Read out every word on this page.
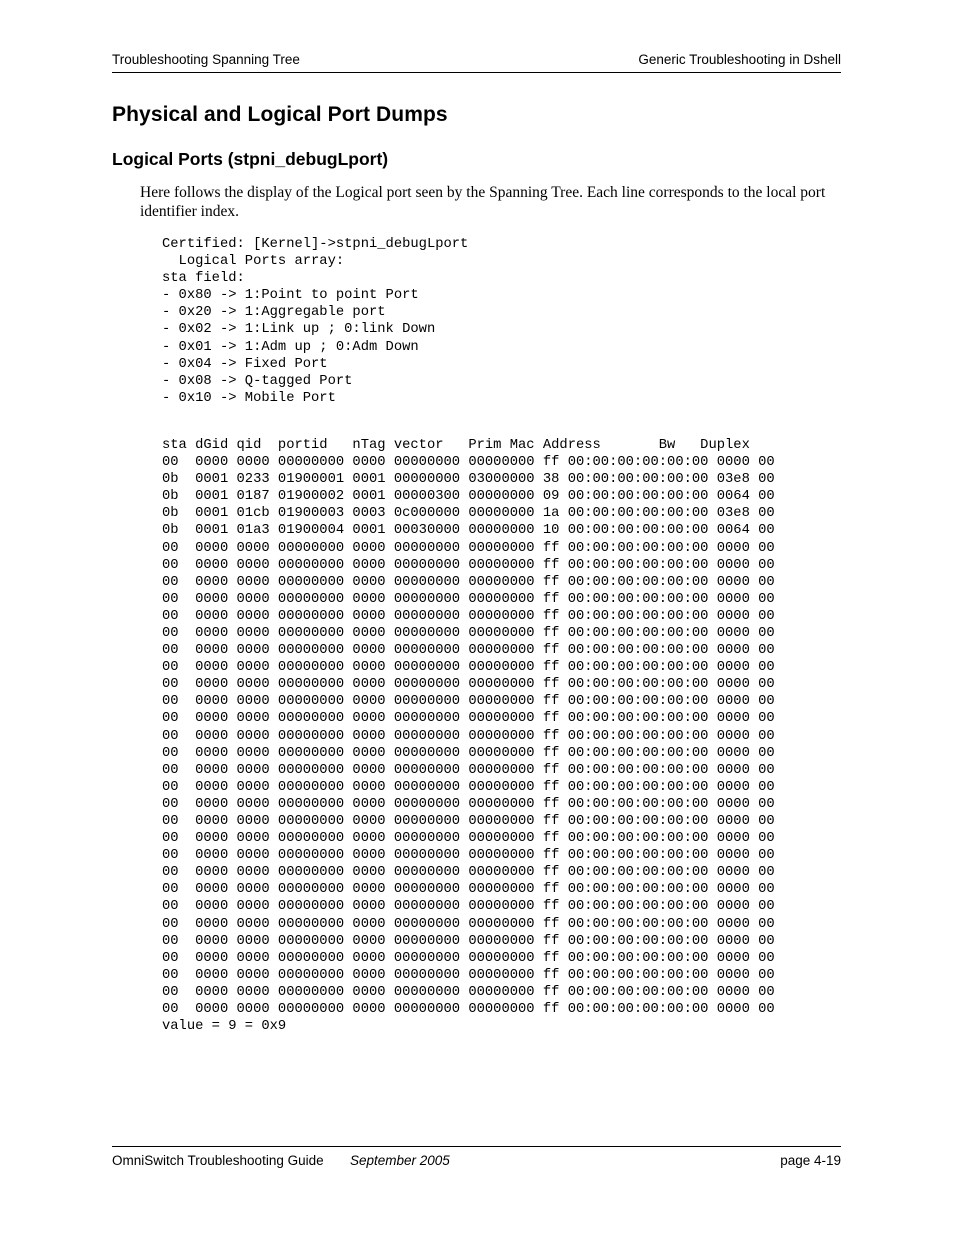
Troubleshooting Spanning Tree	Generic Troubleshooting in Dshell
Physical and Logical Port Dumps
Logical Ports (stpni_debugLport)

Here follows the display of the Logical port seen by the Spanning Tree. Each line corresponds to the local port identifier index.

Certified: [Kernel]->stpni_debugLport
Logical Ports array:
sta field:
- 0x80 -> 1:Point to point Port
- 0x20 -> 1:Aggregable port
- 0x02 -> 1:Link up ; 0:link Down
- 0x01 -> 1:Adm up ; 0:Adm Down
- 0x04 -> Fixed Port
- 0x08 -> Q-tagged Port
- 0x10 -> Mobile Port
sta dGid qid  portid   nTag vector   Prim Mac Address       Bw   Duplex
00  0000 0000 00000000 0000 00000000 00000000 ff 00:00:00:00:00:00 0000 00
0b  0001 0233 01900001 0001 00000000 03000000 38 00:00:00:00:00:00 03e8 00
0b  0001 0187 01900002 0001 00000300 00000000 09 00:00:00:00:00:00 0064 00
0b  0001 01cb 01900003 0003 0c000000 00000000 1a 00:00:00:00:00:00 03e8 00
0b  0001 01a3 01900004 0001 00030000 00000000 10 00:00:00:00:00:00 0064 00
00  0000 0000 00000000 0000 00000000 00000000 ff 00:00:00:00:00:00 0000 00
00  0000 0000 00000000 0000 00000000 00000000 ff 00:00:00:00:00:00 0000 00
00  0000 0000 00000000 0000 00000000 00000000 ff 00:00:00:00:00:00 0000 00
00  0000 0000 00000000 0000 00000000 00000000 ff 00:00:00:00:00:00 0000 00
00  0000 0000 00000000 0000 00000000 00000000 ff 00:00:00:00:00:00 0000 00
00  0000 0000 00000000 0000 00000000 00000000 ff 00:00:00:00:00:00 0000 00
00  0000 0000 00000000 0000 00000000 00000000 ff 00:00:00:00:00:00 0000 00
00  0000 0000 00000000 0000 00000000 00000000 ff 00:00:00:00:00:00 0000 00
00  0000 0000 00000000 0000 00000000 00000000 ff 00:00:00:00:00:00 0000 00
00  0000 0000 00000000 0000 00000000 00000000 ff 00:00:00:00:00:00 0000 00
00  0000 0000 00000000 0000 00000000 00000000 ff 00:00:00:00:00:00 0000 00
00  0000 0000 00000000 0000 00000000 00000000 ff 00:00:00:00:00:00 0000 00
00  0000 0000 00000000 0000 00000000 00000000 ff 00:00:00:00:00:00 0000 00
00  0000 0000 00000000 0000 00000000 00000000 ff 00:00:00:00:00:00 0000 00
00  0000 0000 00000000 0000 00000000 00000000 ff 00:00:00:00:00:00 0000 00
00  0000 0000 00000000 0000 00000000 00000000 ff 00:00:00:00:00:00 0000 00
00  0000 0000 00000000 0000 00000000 00000000 ff 00:00:00:00:00:00 0000 00
00  0000 0000 00000000 0000 00000000 00000000 ff 00:00:00:00:00:00 0000 00
00  0000 0000 00000000 0000 00000000 00000000 ff 00:00:00:00:00:00 0000 00
00  0000 0000 00000000 0000 00000000 00000000 ff 00:00:00:00:00:00 0000 00
00  0000 0000 00000000 0000 00000000 00000000 ff 00:00:00:00:00:00 0000 00
00  0000 0000 00000000 0000 00000000 00000000 ff 00:00:00:00:00:00 0000 00
00  0000 0000 00000000 0000 00000000 00000000 ff 00:00:00:00:00:00 0000 00
00  0000 0000 00000000 0000 00000000 00000000 ff 00:00:00:00:00:00 0000 00
00  0000 0000 00000000 0000 00000000 00000000 ff 00:00:00:00:00:00 0000 00
00  0000 0000 00000000 0000 00000000 00000000 ff 00:00:00:00:00:00 0000 00
00  0000 0000 00000000 0000 00000000 00000000 ff 00:00:00:00:00:00 0000 00
00  0000 0000 00000000 0000 00000000 00000000 ff 00:00:00:00:00:00 0000 00
value = 9 = 0x9
OmniSwitch Troubleshooting Guide September 2005	page 4-19
